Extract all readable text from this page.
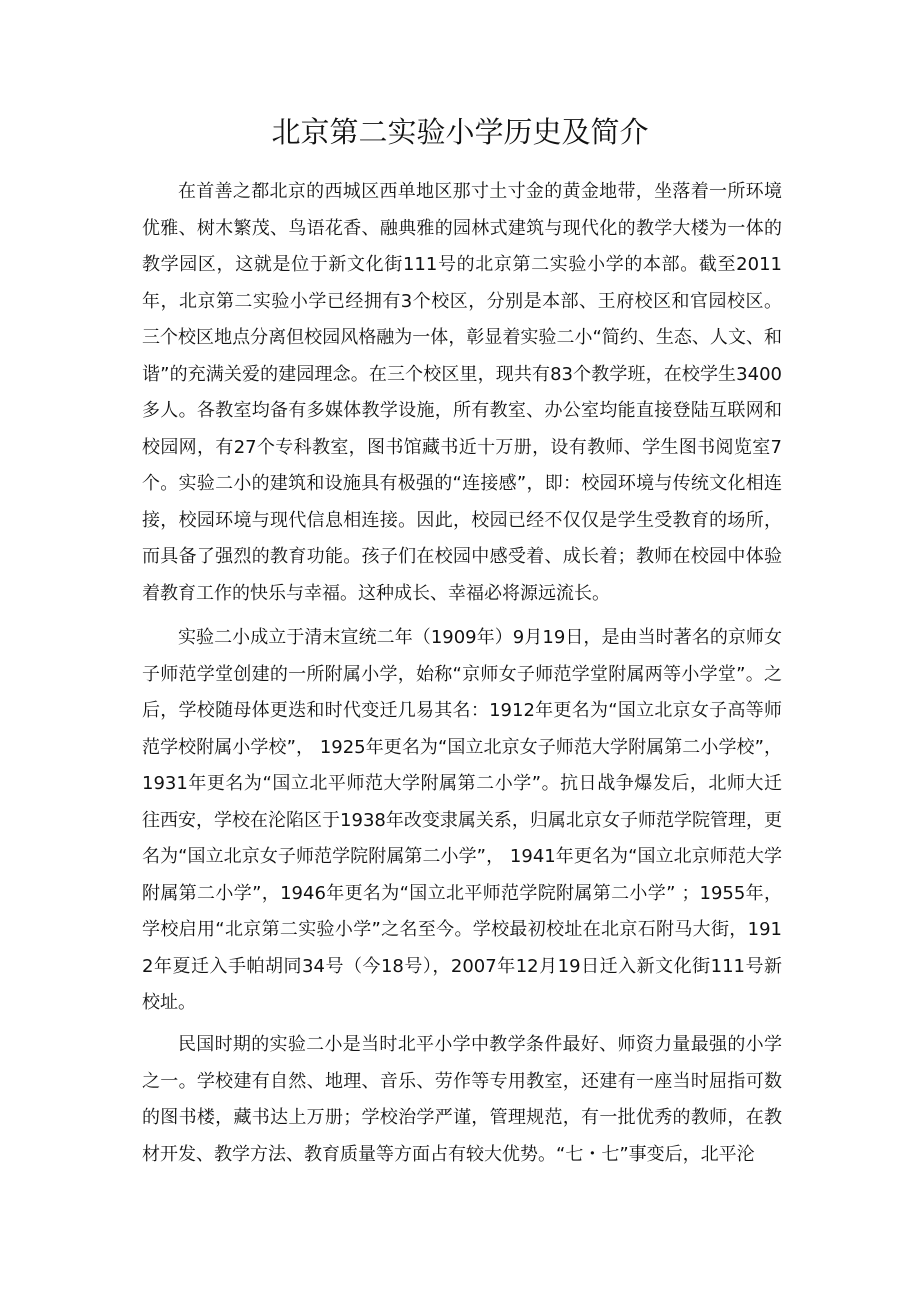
北京第二实验小学历史及简介

在首善之都北京的西城区西单地区那寸土寸金的黄金地带，坐落着一所环境优雅、树木繁茂、鸟语花香、融典雅的园林式建筑与现代化的教学大楼为一体的教学园区，这就是位于新文化街111号的北京第二实验小学的本部。截至2011年，北京第二实验小学已经拥有3个校区，分别是本部、王府校区和官园校区。三个校区地点分离但校园风格融为一体，彰显着实验二小“简约、生态、人文、和谐”的充满关爱的建园理念。在三个校区里，现共有83个教学班，在校学生3400多人。各教室均备有多媒体教学设施，所有教室、办公室均能直接登陆互联网和校园网，有27个专科教室，图书馆藏书近十万册，设有教师、学生图书阅览室7个。实验二小的建筑和设施具有极强的“连接感”，即：校园环境与传统文化相连接，校园环境与现代信息相连接。因此，校园已经不仅仅是学生受教育的场所，而具备了强烈的教育功能。孩子们在校园中感受着、成长着；教师在校园中体验着教育工作的快乐与幸福。这种成长、幸福必将源远流长。

实验二小成立于清末宣统二年（1909年）9月19日，是由当时著名的京师女子师范学堂创建的一所附属小学，始称“京师女子师范学堂附属两等小学堂”。之后，学校随母体更迭和时代变迁几易其名：1912年更名为“国立北京女子高等师范学校附属小学校”， 1925年更名为“国立北京女子师范大学附属第二小学校”， 1931年更名为“国立北平师范大学附属第二小学”。抗日战争爆发后，北师大迁往西安，学校在沦陷区于1938年改变隶属关系，归属北京女子师范学院管理，更名为“国立北京女子师范学院附属第二小学”， 1941年更名为“国立北京师范大学附属第二小学”，1946年更名为“国立北平师范学院附属第二小学” ；1955年，学校启用“北京第二实验小学”之名至今。学校最初校址在北京石附马大街，1912年夏迁入手帕胡同34号（今18号），2007年12月19日迁入新文化街111号新校址。

民国时期的实验二小是当时北平小学中教学条件最好、师资力量最强的小学之一。学校建有自然、地理、音乐、劳作等专用教室，还建有一座当时屈指可数的图书楼，藏书达上万册；学校治学严谨，管理规范，有一批优秀的教师，在教材开发、教学方法、教育质量等方面占有较大优势。“七・七”事变后，北平沦
